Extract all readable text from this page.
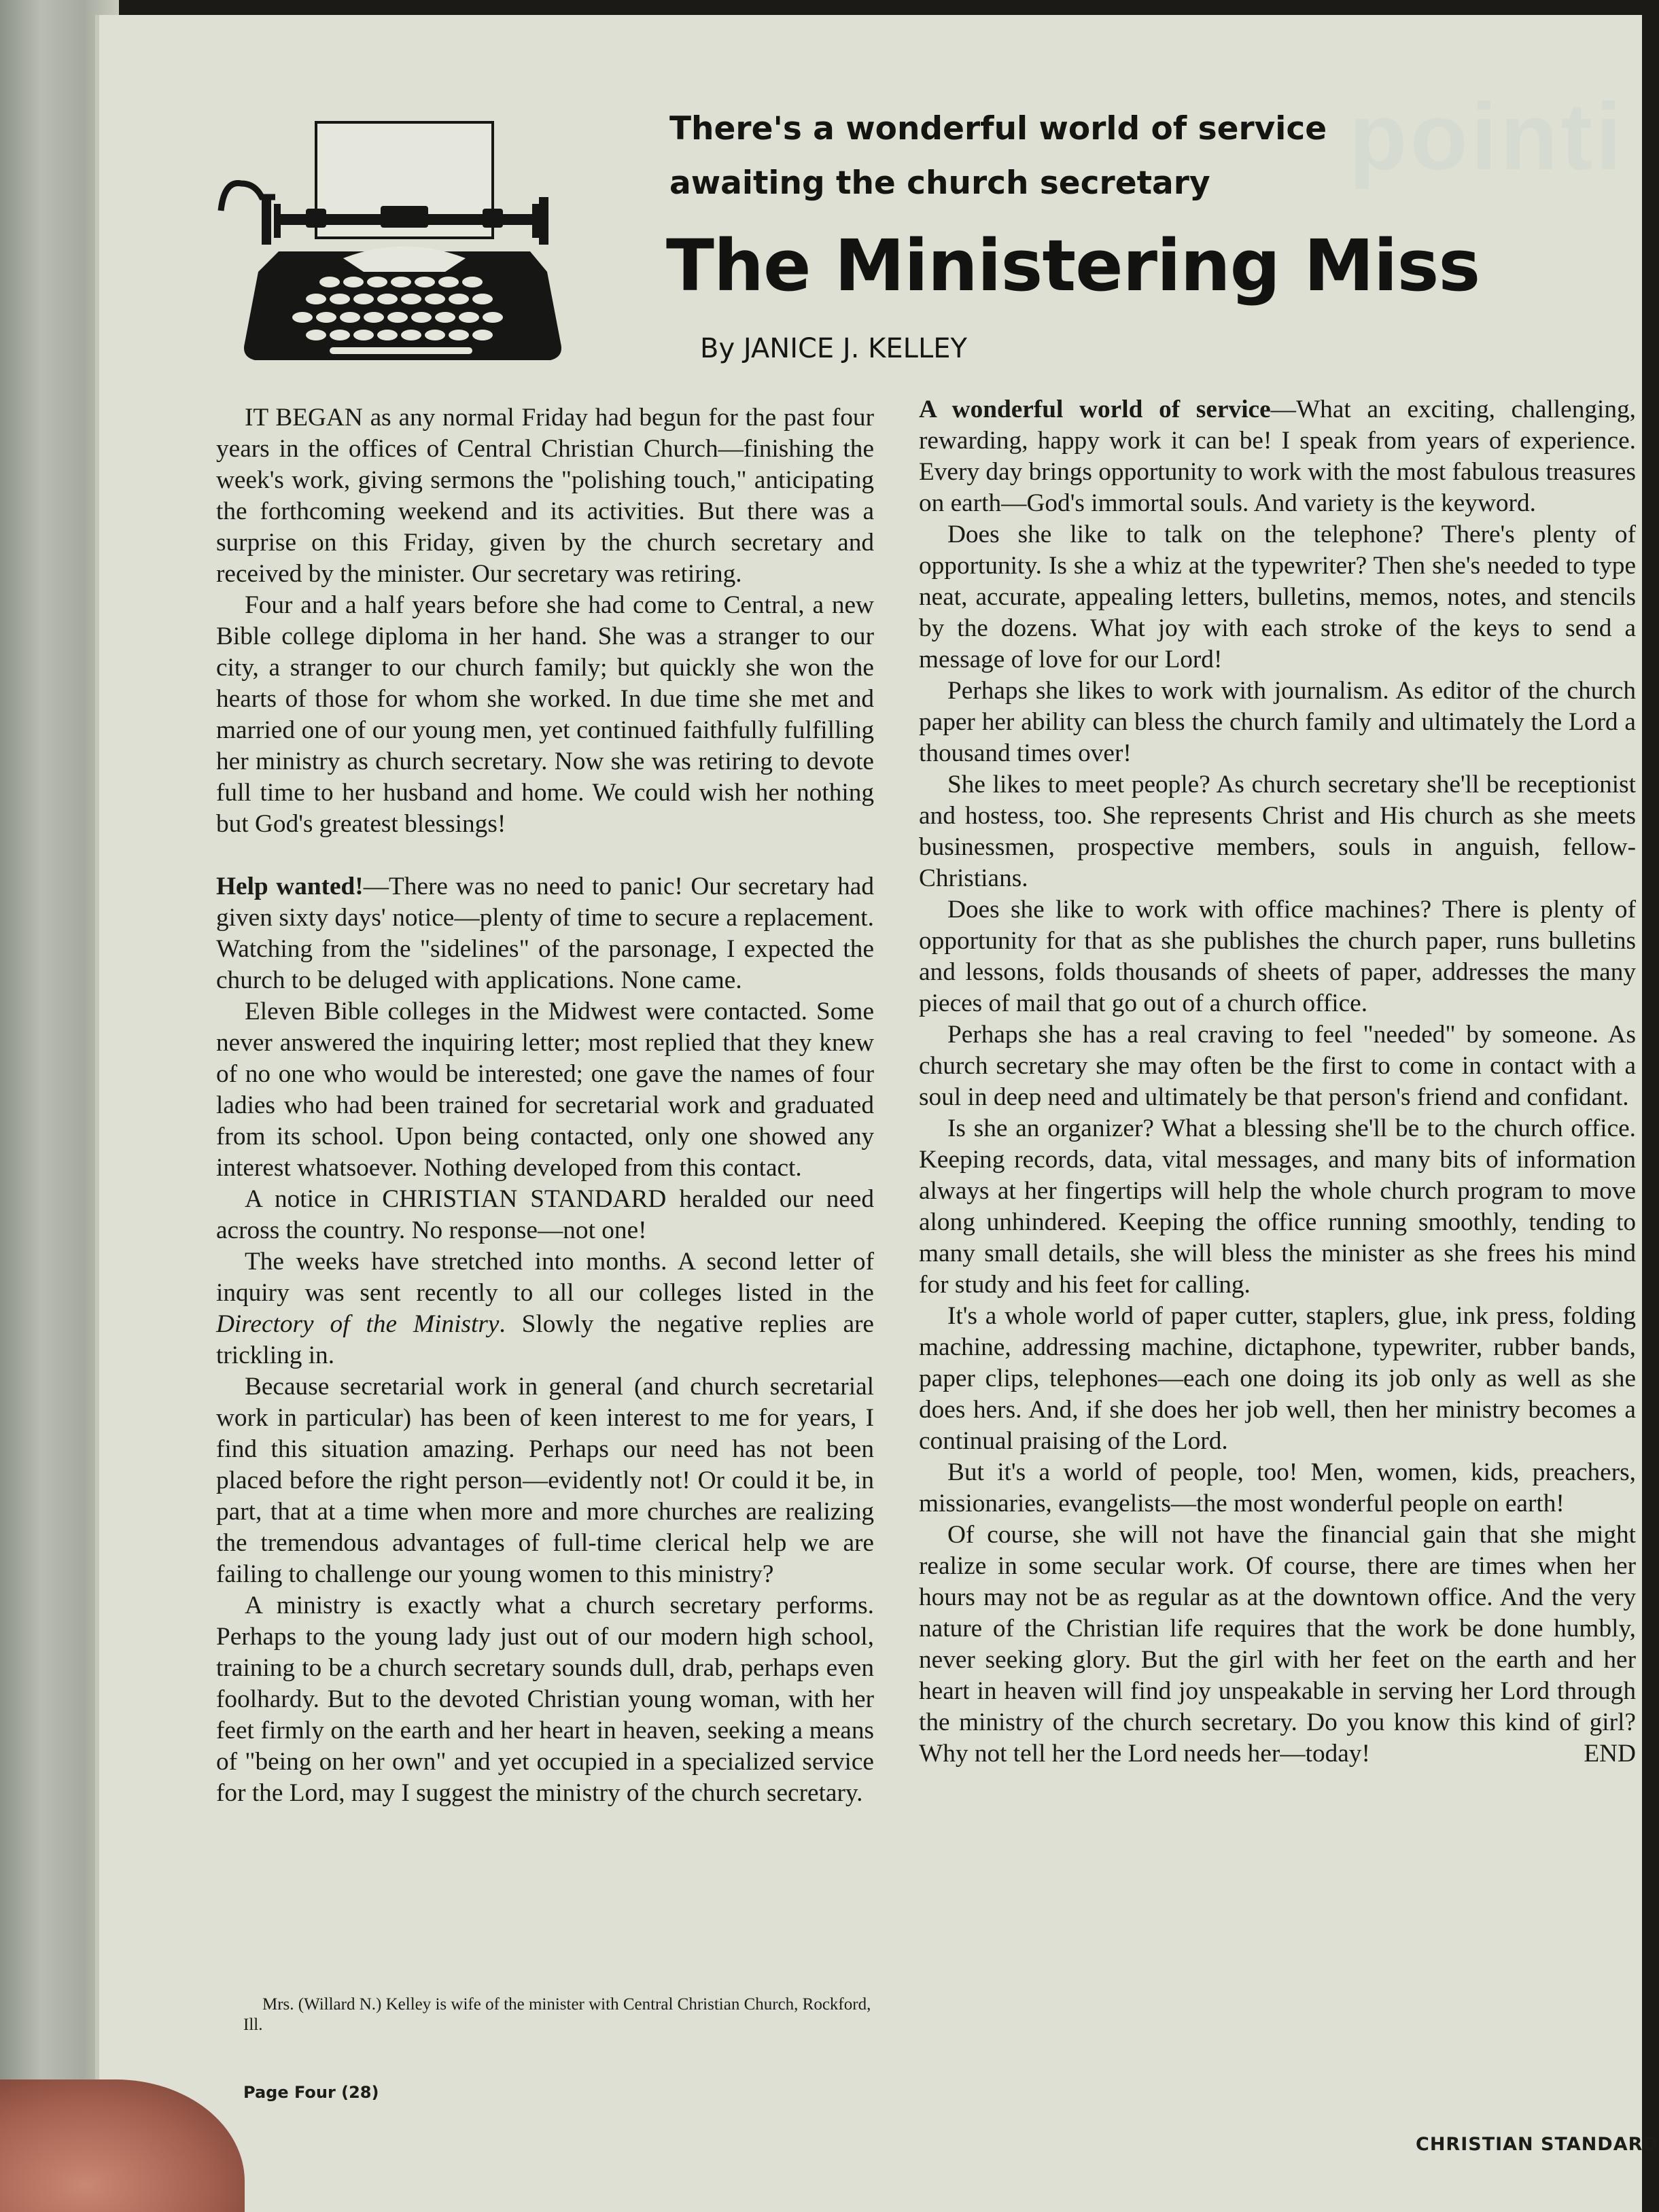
pointi
There's a wonderful world of service
awaiting the church secretary
The Ministering Miss
By JANICE J. KELLEY

IT BEGAN as any normal Friday had begun for the past four years in the offices of Central Christian Church—finishing the week's work, giving sermons the "polishing touch," anticipating the forthcoming weekend and its activities. But there was a surprise on this Friday, given by the church secretary and received by the minister. Our secretary was retiring.

Four and a half years before she had come to Central, a new Bible college diploma in her hand. She was a stranger to our city, a stranger to our church family; but quickly she won the hearts of those for whom she worked. In due time she met and married one of our young men, yet continued faithfully fulfilling her ministry as church secretary. Now she was retiring to devote full time to her husband and home. We could wish her nothing but God's greatest blessings!

Help wanted!—There was no need to panic! Our secretary had given sixty days' notice—plenty of time to secure a replacement. Watching from the "sidelines" of the parsonage, I expected the church to be deluged with applications. None came.

Eleven Bible colleges in the Midwest were contacted. Some never answered the inquiring letter; most replied that they knew of no one who would be interested; one gave the names of four ladies who had been trained for secretarial work and graduated from its school. Upon being contacted, only one showed any interest whatsoever. Nothing developed from this contact.

A notice in CHRISTIAN STANDARD heralded our need across the country. No response—not one!

The weeks have stretched into months. A second letter of inquiry was sent recently to all our colleges listed in the Directory of the Ministry. Slowly the negative replies are trickling in.

Because secretarial work in general (and church secretarial work in particular) has been of keen interest to me for years, I find this situation amazing. Perhaps our need has not been placed before the right person—evidently not! Or could it be, in part, that at a time when more and more churches are realizing the tremendous advantages of full-time clerical help we are failing to challenge our young women to this ministry?

A ministry is exactly what a church secretary performs. Perhaps to the young lady just out of our modern high school, training to be a church secretary sounds dull, drab, perhaps even foolhardy. But to the devoted Christian young woman, with her feet firmly on the earth and her heart in heaven, seeking a means of "being on her own" and yet occupied in a specialized service for the Lord, may I suggest the ministry of the church secretary.

Mrs. (Willard N.) Kelley is wife of the minister with Central Christian Church, Rockford, Ill.

A wonderful world of service—What an exciting, challenging, rewarding, happy work it can be! I speak from years of experience. Every day brings opportunity to work with the most fabulous treasures on earth—God's immortal souls. And variety is the keyword.

Does she like to talk on the telephone? There's plenty of opportunity. Is she a whiz at the typewriter? Then she's needed to type neat, accurate, appealing letters, bulletins, memos, notes, and stencils by the dozens. What joy with each stroke of the keys to send a message of love for our Lord!

Perhaps she likes to work with journalism. As editor of the church paper her ability can bless the church family and ultimately the Lord a thousand times over!

She likes to meet people? As church secretary she'll be receptionist and hostess, too. She represents Christ and His church as she meets businessmen, prospective members, souls in anguish, fellow-Christians.

Does she like to work with office machines? There is plenty of opportunity for that as she publishes the church paper, runs bulletins and lessons, folds thousands of sheets of paper, addresses the many pieces of mail that go out of a church office.

Perhaps she has a real craving to feel "needed" by someone. As church secretary she may often be the first to come in contact with a soul in deep need and ultimately be that person's friend and confidant.

Is she an organizer? What a blessing she'll be to the church office. Keeping records, data, vital messages, and many bits of information always at her fingertips will help the whole church program to move along unhindered. Keeping the office running smoothly, tending to many small details, she will bless the minister as she frees his mind for study and his feet for calling.

It's a whole world of paper cutter, staplers, glue, ink press, folding machine, addressing machine, dictaphone, typewriter, rubber bands, paper clips, telephones—each one doing its job only as well as she does hers. And, if she does her job well, then her ministry becomes a continual praising of the Lord.

But it's a world of people, too! Men, women, kids, preachers, missionaries, evangelists—the most wonderful people on earth!

Of course, she will not have the financial gain that she might realize in some secular work. Of course, there are times when her hours may not be as regular as at the downtown office. And the very nature of the Christian life requires that the work be done humbly, never seeking glory. But the girl with her feet on the earth and her heart in heaven will find joy unspeakable in serving her Lord through the ministry of the church secretary. Do you know this kind of girl? Why not tell her the Lord needs her—today!	END

Page Four (28)
CHRISTIAN STANDARD
